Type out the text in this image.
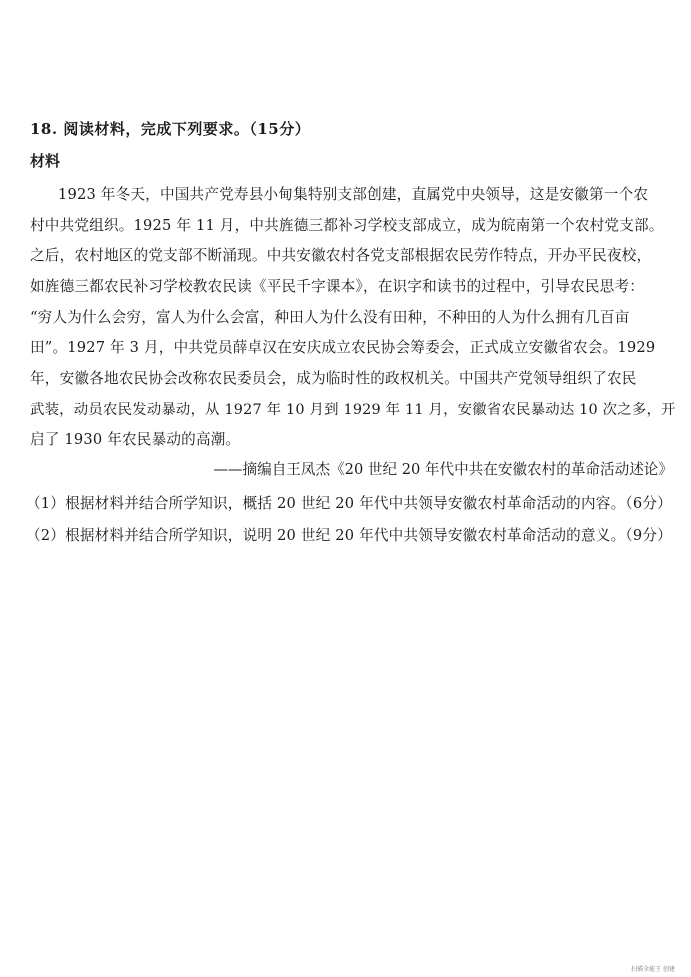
18. 阅读材料，完成下列要求。（15分）
材料
1923 年冬天，中国共产党寿县小甸集特别支部创建，直属党中央领导，这是安徽第一个农
村中共党组织。1925 年 11 月，中共旌德三都补习学校支部成立，成为皖南第一个农村党支部。
之后，农村地区的党支部不断涌现。中共安徽农村各党支部根据农民劳作特点，开办平民夜校，
如旌德三都农民补习学校教农民读《平民千字课本》，在识字和读书的过程中，引导农民思考：
“穷人为什么会穷，富人为什么会富，种田人为什么没有田种，不种田的人为什么拥有几百亩
田”。1927 年 3 月，中共党员薛卓汉在安庆成立农民协会筹委会，正式成立安徽省农会。1929
年，安徽各地农民协会改称农民委员会，成为临时性的政权机关。中国共产党领导组织了农民
武装，动员农民发动暴动，从 1927 年 10 月到 1929 年 11 月，安徽省农民暴动达 10 次之多，开
启了 1930 年农民暴动的高潮。
——摘编自王凤杰《20 世纪 20 年代中共在安徽农村的革命活动述论》
（1）根据材料并结合所学知识，概括 20 世纪 20 年代中共领导安徽农村革命活动的内容。（6分）
（2）根据材料并结合所学知识，说明 20 世纪 20 年代中共领导安徽农村革命活动的意义。（9分）
扫描全能王 创建
